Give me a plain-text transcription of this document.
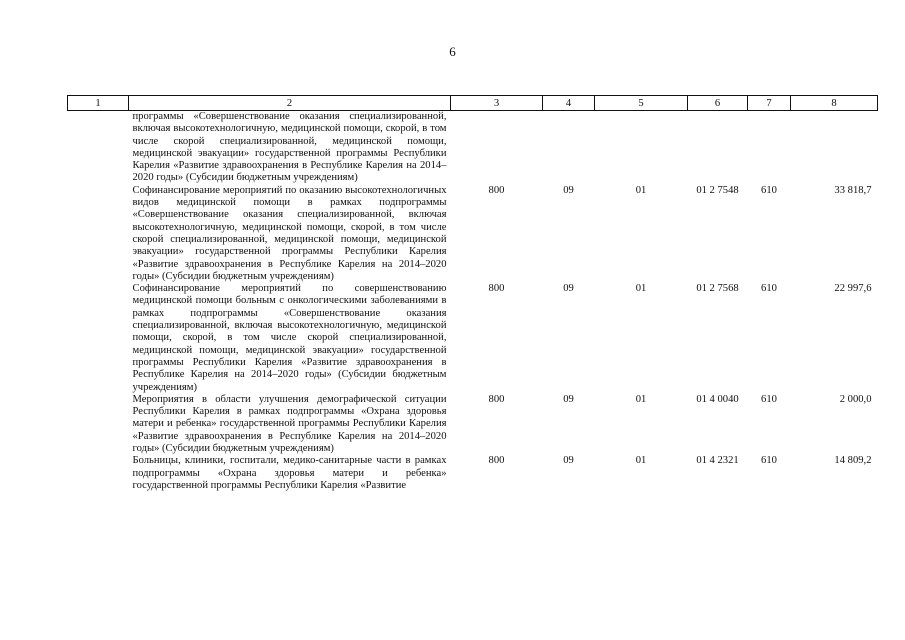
6
1	2	3	4	5	6	7	8
	программы «Совершенствование оказания специализированной, включая высокотехнологичную, медицинской помощи, скорой, в том числе скорой специализированной, медицинской помощи, медицинской эвакуации» государственной программы Республики Карелия «Развитие здравоохранения в Республике Карелия на 2014–2020 годы» (Субсидии бюджетным учреждениям)						
	Софинансирование мероприятий по оказанию высокотехнологичных видов медицинской помощи в рамках подпрограммы «Совершенствование оказания специализированной, включая высокотехнологичную, медицинской помощи, скорой, в том числе скорой специализированной, медицинской помощи, медицинской эвакуации» государственной программы Республики Карелия «Развитие здравоохранения в Республике Карелия на 2014–2020 годы» (Субсидии бюджетным учреждениям)	800	09	01	01 2 7548	610	33 818,7
	Софинансирование мероприятий по совершенствованию медицинской помощи больным с онкологическими заболеваниями в рамках подпрограммы «Совершенствование оказания специализированной, включая высокотехнологичную, медицинской помощи, скорой, в том числе скорой специализированной, медицинской помощи, медицинской эвакуации» государственной программы Республики Карелия «Развитие здравоохранения в Республике Карелия на 2014–2020 годы» (Субсидии бюджетным учреждениям)	800	09	01	01 2 7568	610	22 997,6
	Мероприятия в области улучшения демографической ситуации Республики Карелия в рамках подпрограммы «Охрана здоровья матери и ребенка» государственной программы Республики Карелия «Развитие здравоохранения в Республике Карелия на 2014–2020 годы» (Субсидии бюджетным учреждениям)	800	09	01	01 4 0040	610	2 000,0
	Больницы, клиники, госпитали, медико-санитарные части в рамках подпрограммы «Охрана здоровья матери и ребенка» государственной программы Республики Карелия «Развитие	800	09	01	01 4 2321	610	14 809,2
